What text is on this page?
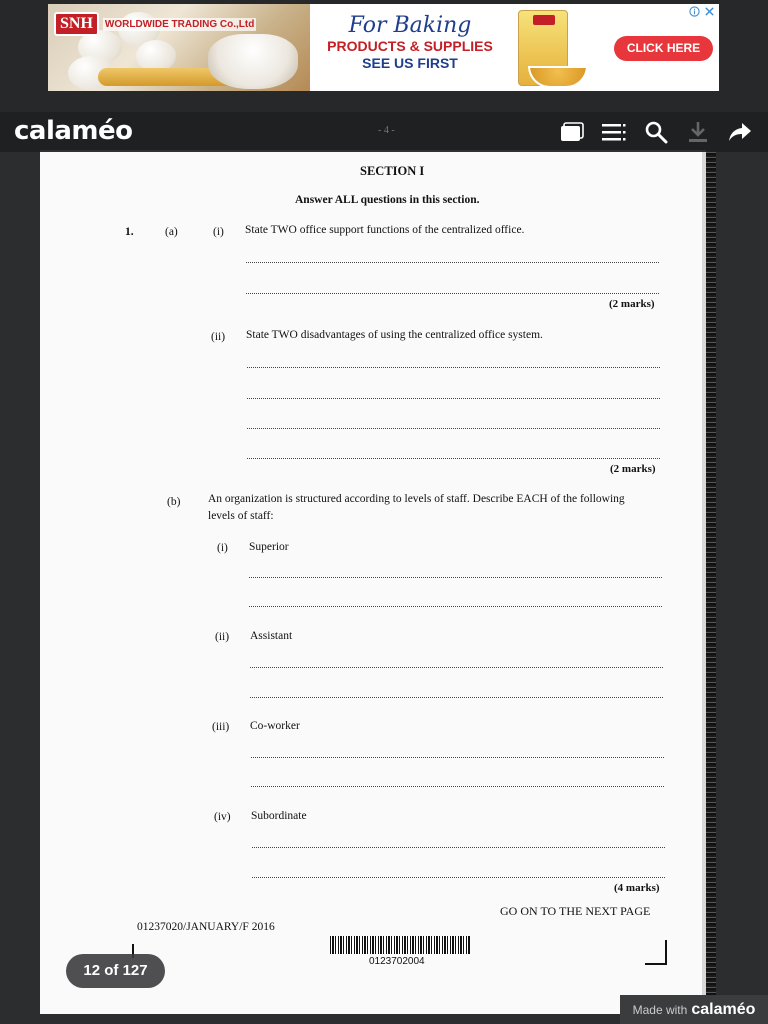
SNH	WORLDWIDE TRADING Co.,Ltd	For Baking
PRODUCTS & SUPPLIES
SEE US FIRST
CLICK HERE
calaméo	- 4 -
SECTION I
Answer ALL questions in this section.
1.	(a)	(i) State TWO office support functions of the centralized office.
(2 marks)
(ii) State TWO disadvantages of using the centralized office system.
(2 marks)
(b) An organization is structured according to levels of staff. Describe EACH of the following
levels of staff:
(i) Superior
(ii) Assistant
(iii) Co-worker
(iv) Subordinate
(4 marks)
GO ON TO THE NEXT PAGE
01237020/JANUARY/F 2016
0123702004
12 of 127
Made with calaméo
